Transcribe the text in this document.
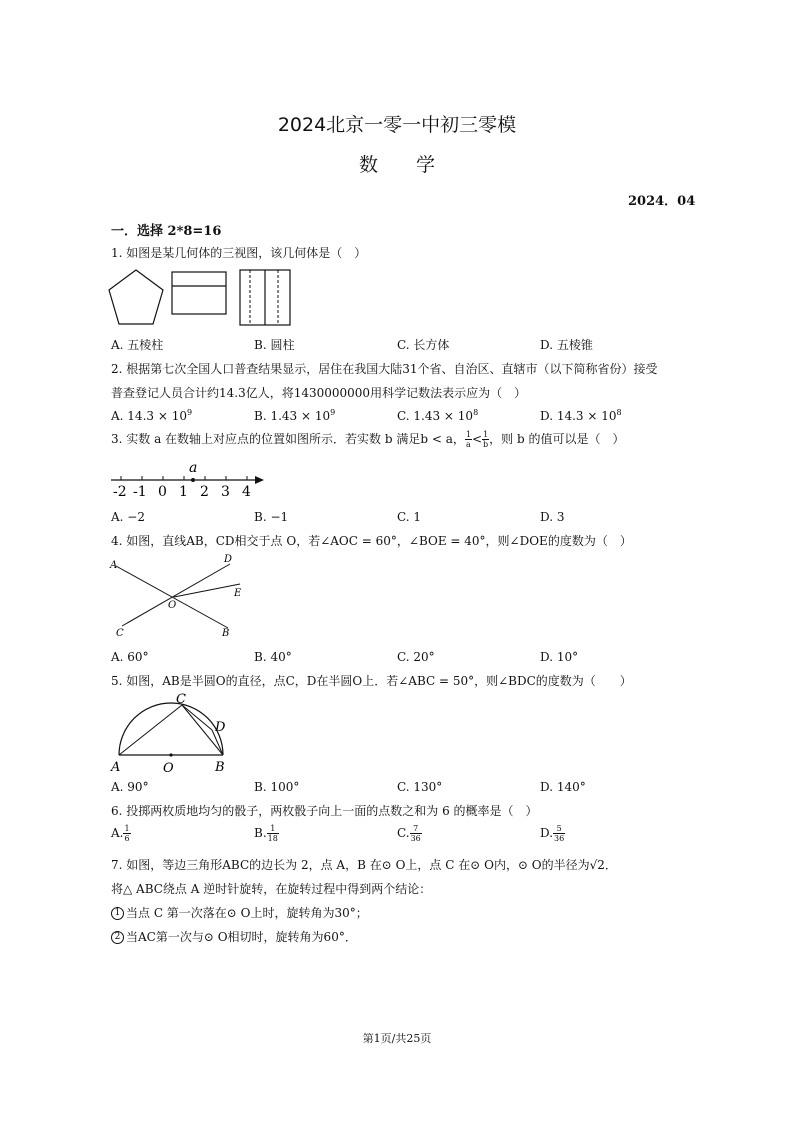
2024北京一零一中初三零模
数　　学
2024．04
一．选择 2*8=16
1. 如图是某几何体的三视图，该几何体是（　）
A. 五棱柱	B. 圆柱	C. 长方体	D. 五棱锥
2. 根据第七次全国人口普查结果显示，居住在我国大陆31个省、自治区、直辖市（以下简称省份）接受
普查登记人员合计约14.3亿人，将1430000000用科学记数法表示应为（　）
A. $14.3 \times 10^9$	B. $1.43 \times 10^9$	C. $1.43 \times 10^8$	D. $14.3 \times 10^8$
3. 实数 a 在数轴上对应点的位置如图所示．若实数 b 满足b < a， $\frac{1}{a} < \frac{1}{b}$ ，则 b 的值可以是（　）
a
-2 -1 0 1 2 3 4
A. −2	B. −1	C. 1	D. 3
4. 如图，直线AB，CD相交于点 O，若∠AOC = 60°，∠BOE = 40°，则∠DOE的度数为（　）
A
D
E
O
C	B
A. 60°	B. 40°	C. 20°	D. 10°
5. 如图，AB是半圆O的直径，点C，D在半圆O上．若∠ABC = 50°，则∠BDC的度数为（　　）
C
D
A	O	B
A. 90°	B. 100°	C. 130°	D. 140°
6. 投掷两枚质地均匀的骰子，两枚骰子向上一面的点数之和为 6 的概率是（　）
A. $\frac{1}{6}$	B. $\frac{1}{18}$	C. $\frac{7}{36}$	D. $\frac{5}{36}$
7. 如图，等边三角形ABC的边长为 2，点 A，B 在⊙ O上，点 C 在⊙ O内，⊙ O的半径为√2．
将△ ABC绕点 A 逆时针旋转，在旋转过程中得到两个结论：
1 当点 C 第一次落在⊙ O上时，旋转角为30°；
2 当AC第一次与⊙ O相切时，旋转角为60°．
第1页/共25页
